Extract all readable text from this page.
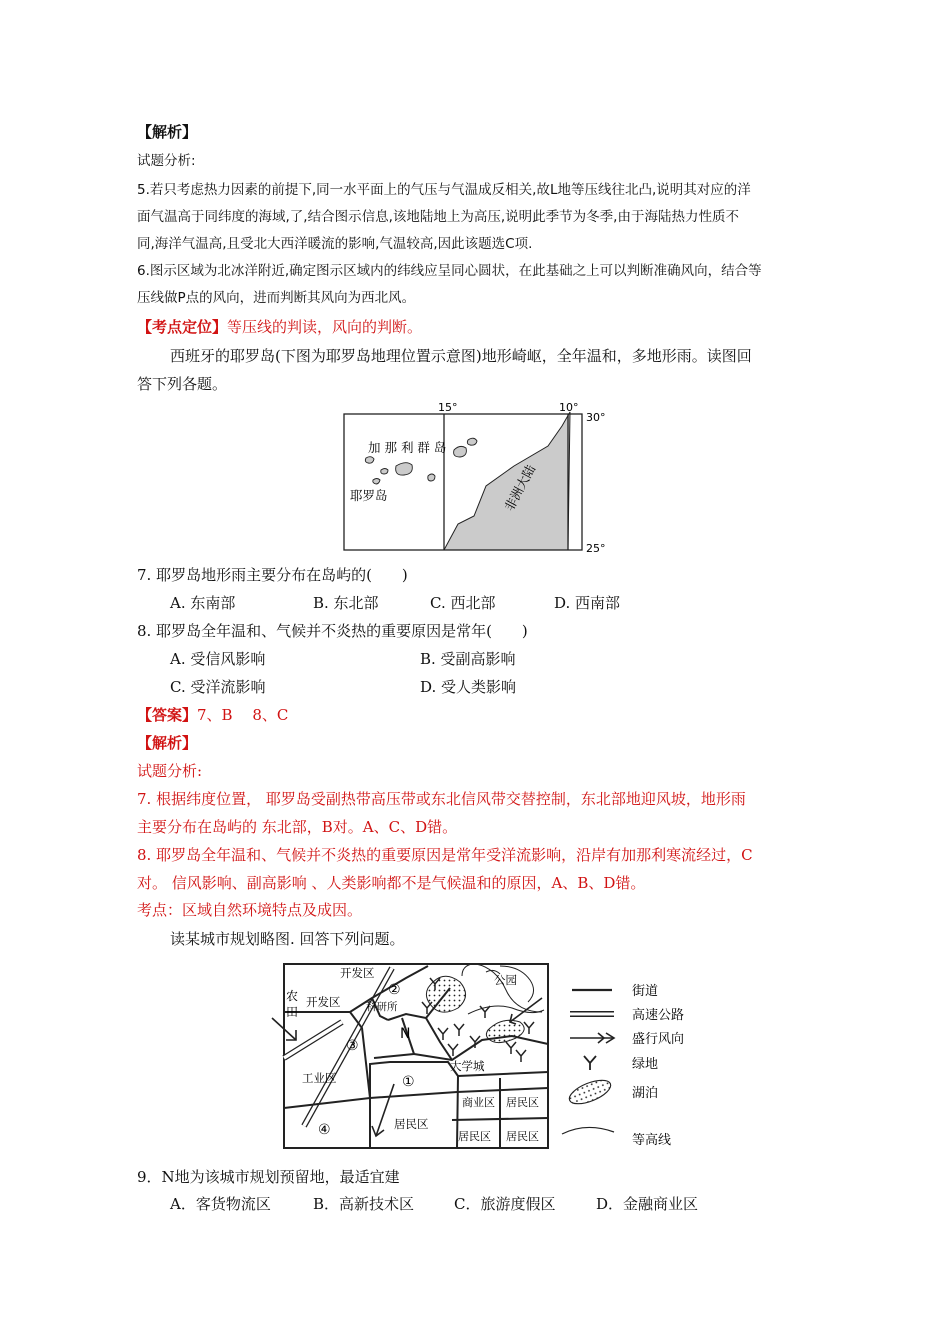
【解析】
试题分析:
5.若只考虑热力因素的前提下,同一水平面上的气压与气温成反相关,故L地等压线往北凸,说明其对应的洋
面气温高于同纬度的海域,了,结合图示信息,该地陆地上为高压,说明此季节为冬季,由于海陆热力性质不
同,海洋气温高,且受北大西洋暖流的影响,气温较高,因此该题选C项.
6.图示区域为北冰洋附近,确定图示区域内的纬线应呈同心圆状，在此基础之上可以判断准确风向，结合等
压线做P点的风向，进而判断其风向为西北风。
【考点定位】等压线的判读，风向的判断。
西班牙的耶罗岛(下图为耶罗岛地理位置示意图)地形崎岖，全年温和，多地形雨。读图回
答下列各题。
15°	10°
30°
25°
加 那 利 群 岛
耶罗岛	非洲大陆
7. 耶罗岛地形雨主要分布在岛屿的(　　)
A. 东南部	B. 东北部	C. 西北部	D. 西南部
8. 耶罗岛全年温和、气候并不炎热的重要原因是常年(　　)
A. 受信风影响	B. 受副高影响
C. 受洋流影响	D. 受人类影响
【答案】7、B　 8、C
【解析】
试题分析:
7. 根据纬度位置， 耶罗岛受副热带高压带或东北信风带交替控制，东北部地迎风坡，地形雨
主要分布在岛屿的 东北部，B对。A、C、D错。
8. 耶罗岛全年温和、气候并不炎热的重要原因是常年受洋流影响，沿岸有加那利寒流经过，C
对。 信风影响、副高影响 、人类影响都不是气候温和的原因，A、B、D错。
考点：区域自然环境特点及成因。
读某城市规划略图. 回答下列问题。
开发区
开发区
农
田	科研所
公园
N
大学城
工业区
商业区 居民区
居民区
居民区 居民区
①
②
③
④
街道
高速公路
盛行风向
绿地
湖泊
等高线
9．N地为该城市规划预留地，最适宜建
A．客货物流区	B．高新技术区	C．旅游度假区	D．金融商业区
